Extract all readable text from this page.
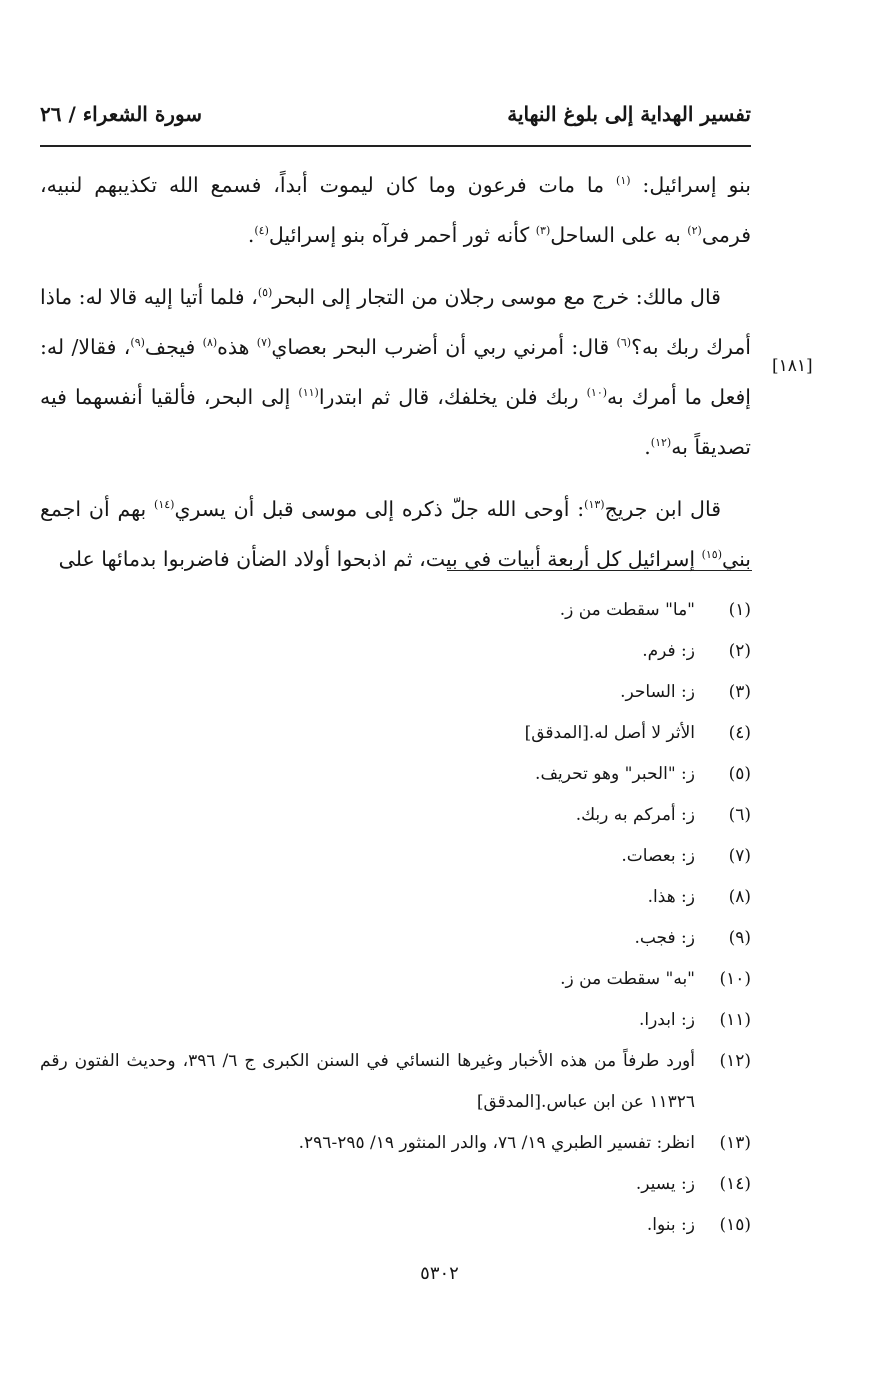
تفسير الهداية إلى بلوغ النهاية
سورة الشعراء / ٢٦

بنو إسرائيل: $^{(١)}$ ما مات فرعون وما كان ليموت أبداً، فسمع الله تكذيبهم لنبيه، فرمى$^{(٢)}$ به على الساحل$^{(٣)}$ كأنه ثور أحمر فرآه بنو إسرائيل$^{(٤)}$.

قال مالك: خرج مع موسى رجلان من التجار إلى البحر$^{(٥)}$، فلما أتيا إليه قالا له: ماذا أمرك ربك به؟$^{(٦)}$ قال: أمرني ربي أن أضرب البحر بعصاي$^{(٧)}$ هذه$^{(٨)}$ فيجف$^{(٩)}$، فقالا/ له: إفعل ما أمرك به$^{(١٠)}$ ربك فلن يخلفك، قال ثم ابتدرا$^{(١١)}$ إلى البحر، فألقيا أنفسهما فيه تصديقاً به$^{(١٢)}$.

قال ابن جريج$^{(١٣)}$: أوحى الله جلّ ذكره إلى موسى قبل أن يسري$^{(١٤)}$ بهم أن اجمع بني$^{(١٥)}$ إسرائيل كل أربعة أبيات في بيت، ثم اذبحوا أولاد الضأن فاضربوا بدمائها على

[١٨١]
(١)
"ما" سقطت من ز.
(٢)
ز: فرم.
(٣)
ز: الساحر.
(٤)
الأثر لا أصل له.[المدقق]
(٥)
ز: "الحبر" وهو تحريف.
(٦)
ز: أمركم به ربك.
(٧)
ز: بعصات.
(٨)
ز: هذا.
(٩)
ز: فجب.
(١٠)
"به" سقطت من ز.
(١١)
ز: ابدرا.
(١٢)
أورد طرفاً من هذه الأخبار وغيرها النسائي في السنن الكبرى ج ٦/ ٣٩٦، وحديث الفتون رقم ١١٣٢٦ عن ابن عباس.[المدقق]
(١٣)
انظر: تفسير الطبري ١٩/ ٧٦، والدر المنثور ١٩/ ٢٩٥-٢٩٦.
(١٤)
ز: يسير.
(١٥)
ز: بنوا.
٥٣٠٢
